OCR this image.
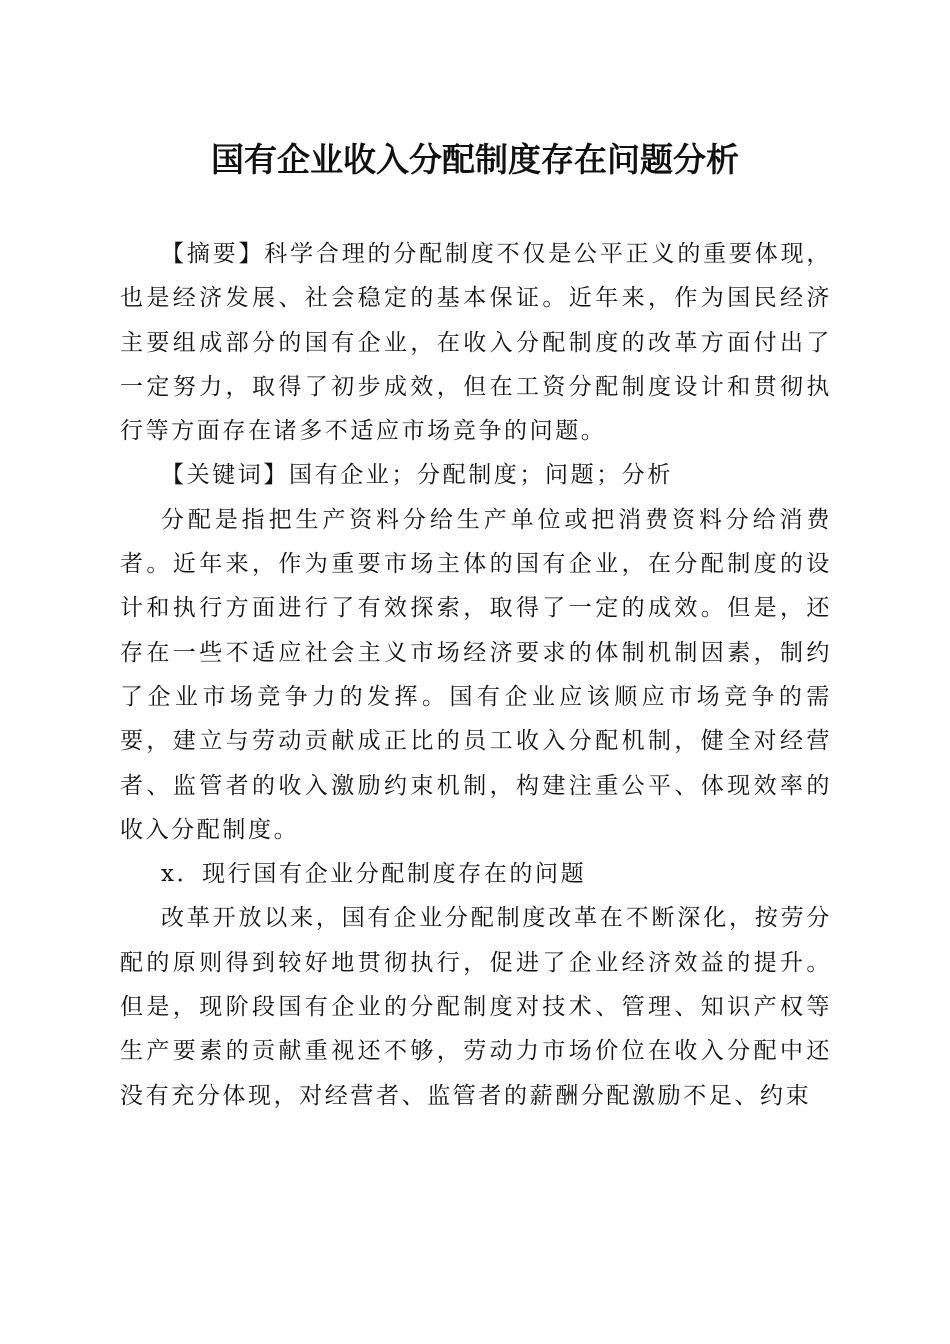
国有企业收入分配制度存在问题分析

【摘要】科学合理的分配制度不仅是公平正义的重要体现，也是经济发展、社会稳定的基本保证。近年来，作为国民经济主要组成部分的国有企业，在收入分配制度的改革方面付出了一定努力，取得了初步成效，但在工资分配制度设计和贯彻执行等方面存在诸多不适应市场竞争的问题。

【关键词】国有企业；分配制度；问题；分析

分配是指把生产资料分给生产单位或把消费资料分给消费者。近年来，作为重要市场主体的国有企业，在分配制度的设计和执行方面进行了有效探索，取得了一定的成效。但是，还存在一些不适应社会主义市场经济要求的体制机制因素，制约了企业市场竞争力的发挥。国有企业应该顺应市场竞争的需要，建立与劳动贡献成正比的员工收入分配机制，健全对经营者、监管者的收入激励约束机制，构建注重公平、体现效率的收入分配制度。

x．现行国有企业分配制度存在的问题

改革开放以来，国有企业分配制度改革在不断深化，按劳分配的原则得到较好地贯彻执行，促进了企业经济效益的提升。但是，现阶段国有企业的分配制度对技术、管理、知识产权等生产要素的贡献重视还不够，劳动力市场价位在收入分配中还没有充分体现，对经营者、监管者的薪酬分配激励不足、约束
